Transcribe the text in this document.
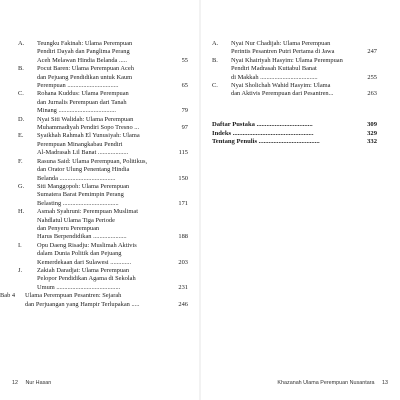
A.	Teungku Fakinah: Ulama Perempuan
Pendiri Dayah dan Panglima Perang
Aceh Melawan Hindia Belanda .....	55
B.	Pocut Baren: Ulama Perempuan Aceh
dan Pejuang Pendidikan untuk Kaum
Perempuan ................................	65
C.	Rohana Kuddus: Ulama Perempuan
dan Jurnalis Perempuan dari Tanah
Minang ....................................	79
D.	Nyai Siti Walidah: Ulama Perempuan
Muhammadiyah Pendiri Sopo Tresno ...	97
E.	Syaikhah Rahmah El Yunusiyah: Ulama
Perempuan Minangkabau Pendiri
Al-Madrasah Lil Banat ...................	115
F.	Rasuna Said: Ulama Perempuan, Politikus,
dan Orator Ulung Penentang Hindia
Belanda ...................................	150
G.	Siti Manggopoh: Ulama Perempuan
Sumatera Barat Pemimpin Perang
Belasting ...................................	171
H.	Asmah Syahruni: Perempuan Muslimat
Nahdlatul Ulama Tiga Periode
dan Penyeru Perempuan
Harus Berpendidikan .....................	188
I.	Opu Daeng Risadju: Muslimah Aktivis
dalam Dunia Politik dan Pejuang
Kemerdekaan dari Sulawesi .............	203
J.	Zakiah Daradjat: Ulama Perempuan
Pelopor Pendidikan Agama di Sekolah
Umum ........................................	231
Bab 4	Ulama Perempuan Pesantren: Sejarah
dan Perjuangan yang Hampir Terlupakan .....	246
12 Nur Hasan
A.	Nyai Nur Chadijah: Ulama Perempuan
Perintis Pesantren Putri Pertama di Jawa	247
B.	Nyai Khairiyah Hasyim: Ulama Perempuan
Pendiri Madrasah Kuttabul Banat
di Makkah ....................................	255
C.	Nyai Sholichah Wahid Hasyim: Ulama
dan Aktivis Perempuan dari Pesantren...	263
Daftar Pustaka ..................................	309
Indeks .................................................	329
Tentang Penulis .....................................	332
Khazanah Ulama Perempuan Nusantara 13
